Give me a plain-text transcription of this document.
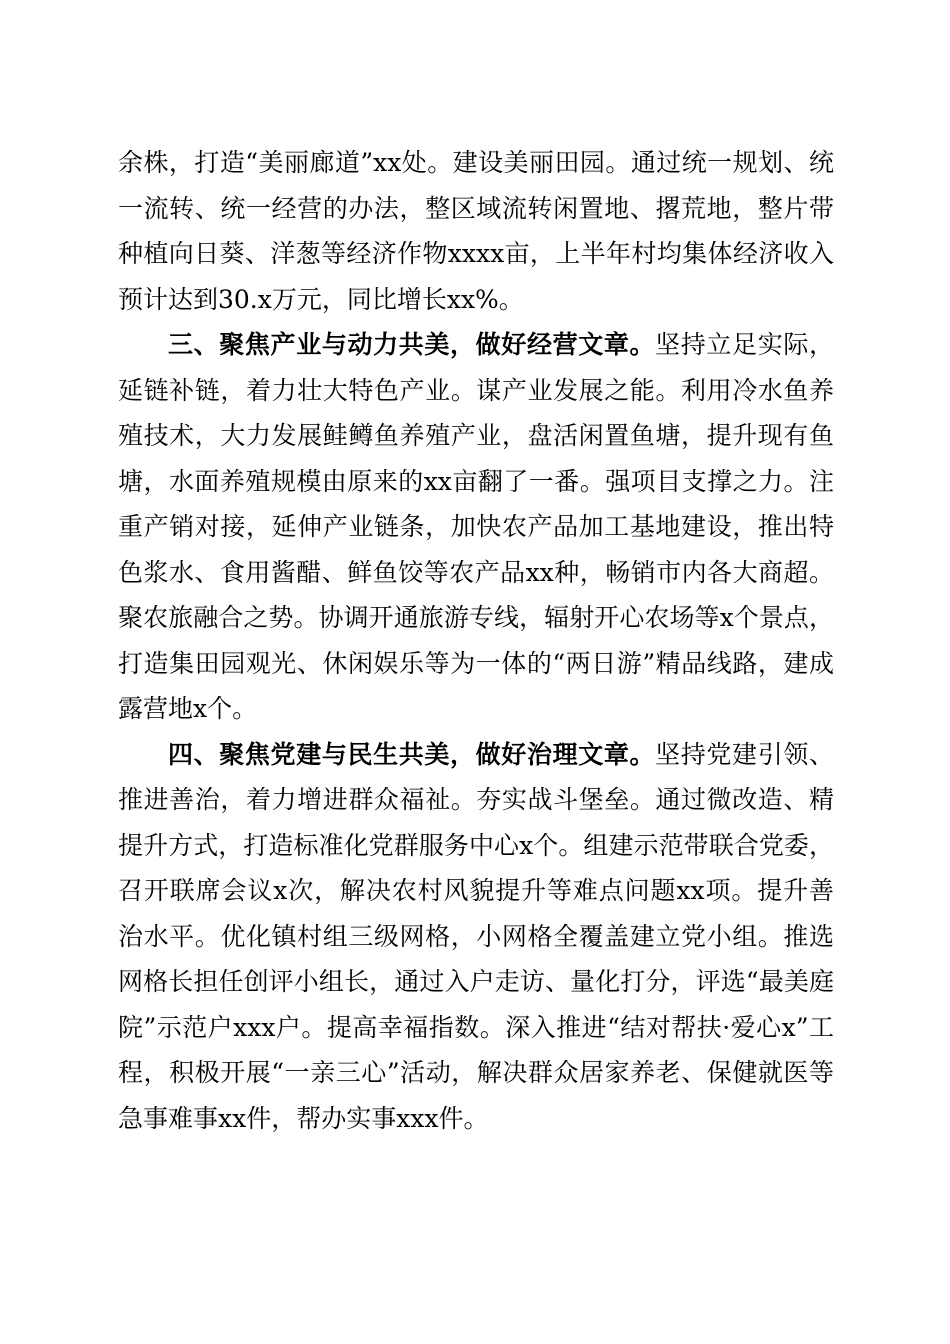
余株，打造“美丽廊道”xx处。建设美丽田园。通过统一规划、统一流转、统一经营的办法，整区域流转闲置地、撂荒地，整片带种植向日葵、洋葱等经济作物xxxx亩，上半年村均集体经济收入预计达到30.x万元，同比增长xx%。

三、聚焦产业与动力共美，做好经营文章。坚持立足实际，延链补链，着力壮大特色产业。谋产业发展之能。利用冷水鱼养殖技术，大力发展鲑鳟鱼养殖产业，盘活闲置鱼塘，提升现有鱼塘，水面养殖规模由原来的xx亩翻了一番。强项目支撑之力。注重产销对接，延伸产业链条，加快农产品加工基地建设，推出特色浆水、食用酱醋、鲜鱼饺等农产品xx种，畅销市内各大商超。聚农旅融合之势。协调开通旅游专线，辐射开心农场等x个景点，打造集田园观光、休闲娱乐等为一体的“两日游”精品线路，建成露营地x个。

四、聚焦党建与民生共美，做好治理文章。坚持党建引领、推进善治，着力增进群众福祉。夯实战斗堡垒。通过微改造、精提升方式，打造标准化党群服务中心x个。组建示范带联合党委，召开联席会议x次，解决农村风貌提升等难点问题xx项。提升善治水平。优化镇村组三级网格，小网格全覆盖建立党小组。推选网格长担任创评小组长，通过入户走访、量化打分，评选“最美庭院”示范户xxx户。提高幸福指数。深入推进“结对帮扶·爱心x”工程，积极开展“一亲三心”活动，解决群众居家养老、保健就医等急事难事xx件，帮办实事xxx件。
